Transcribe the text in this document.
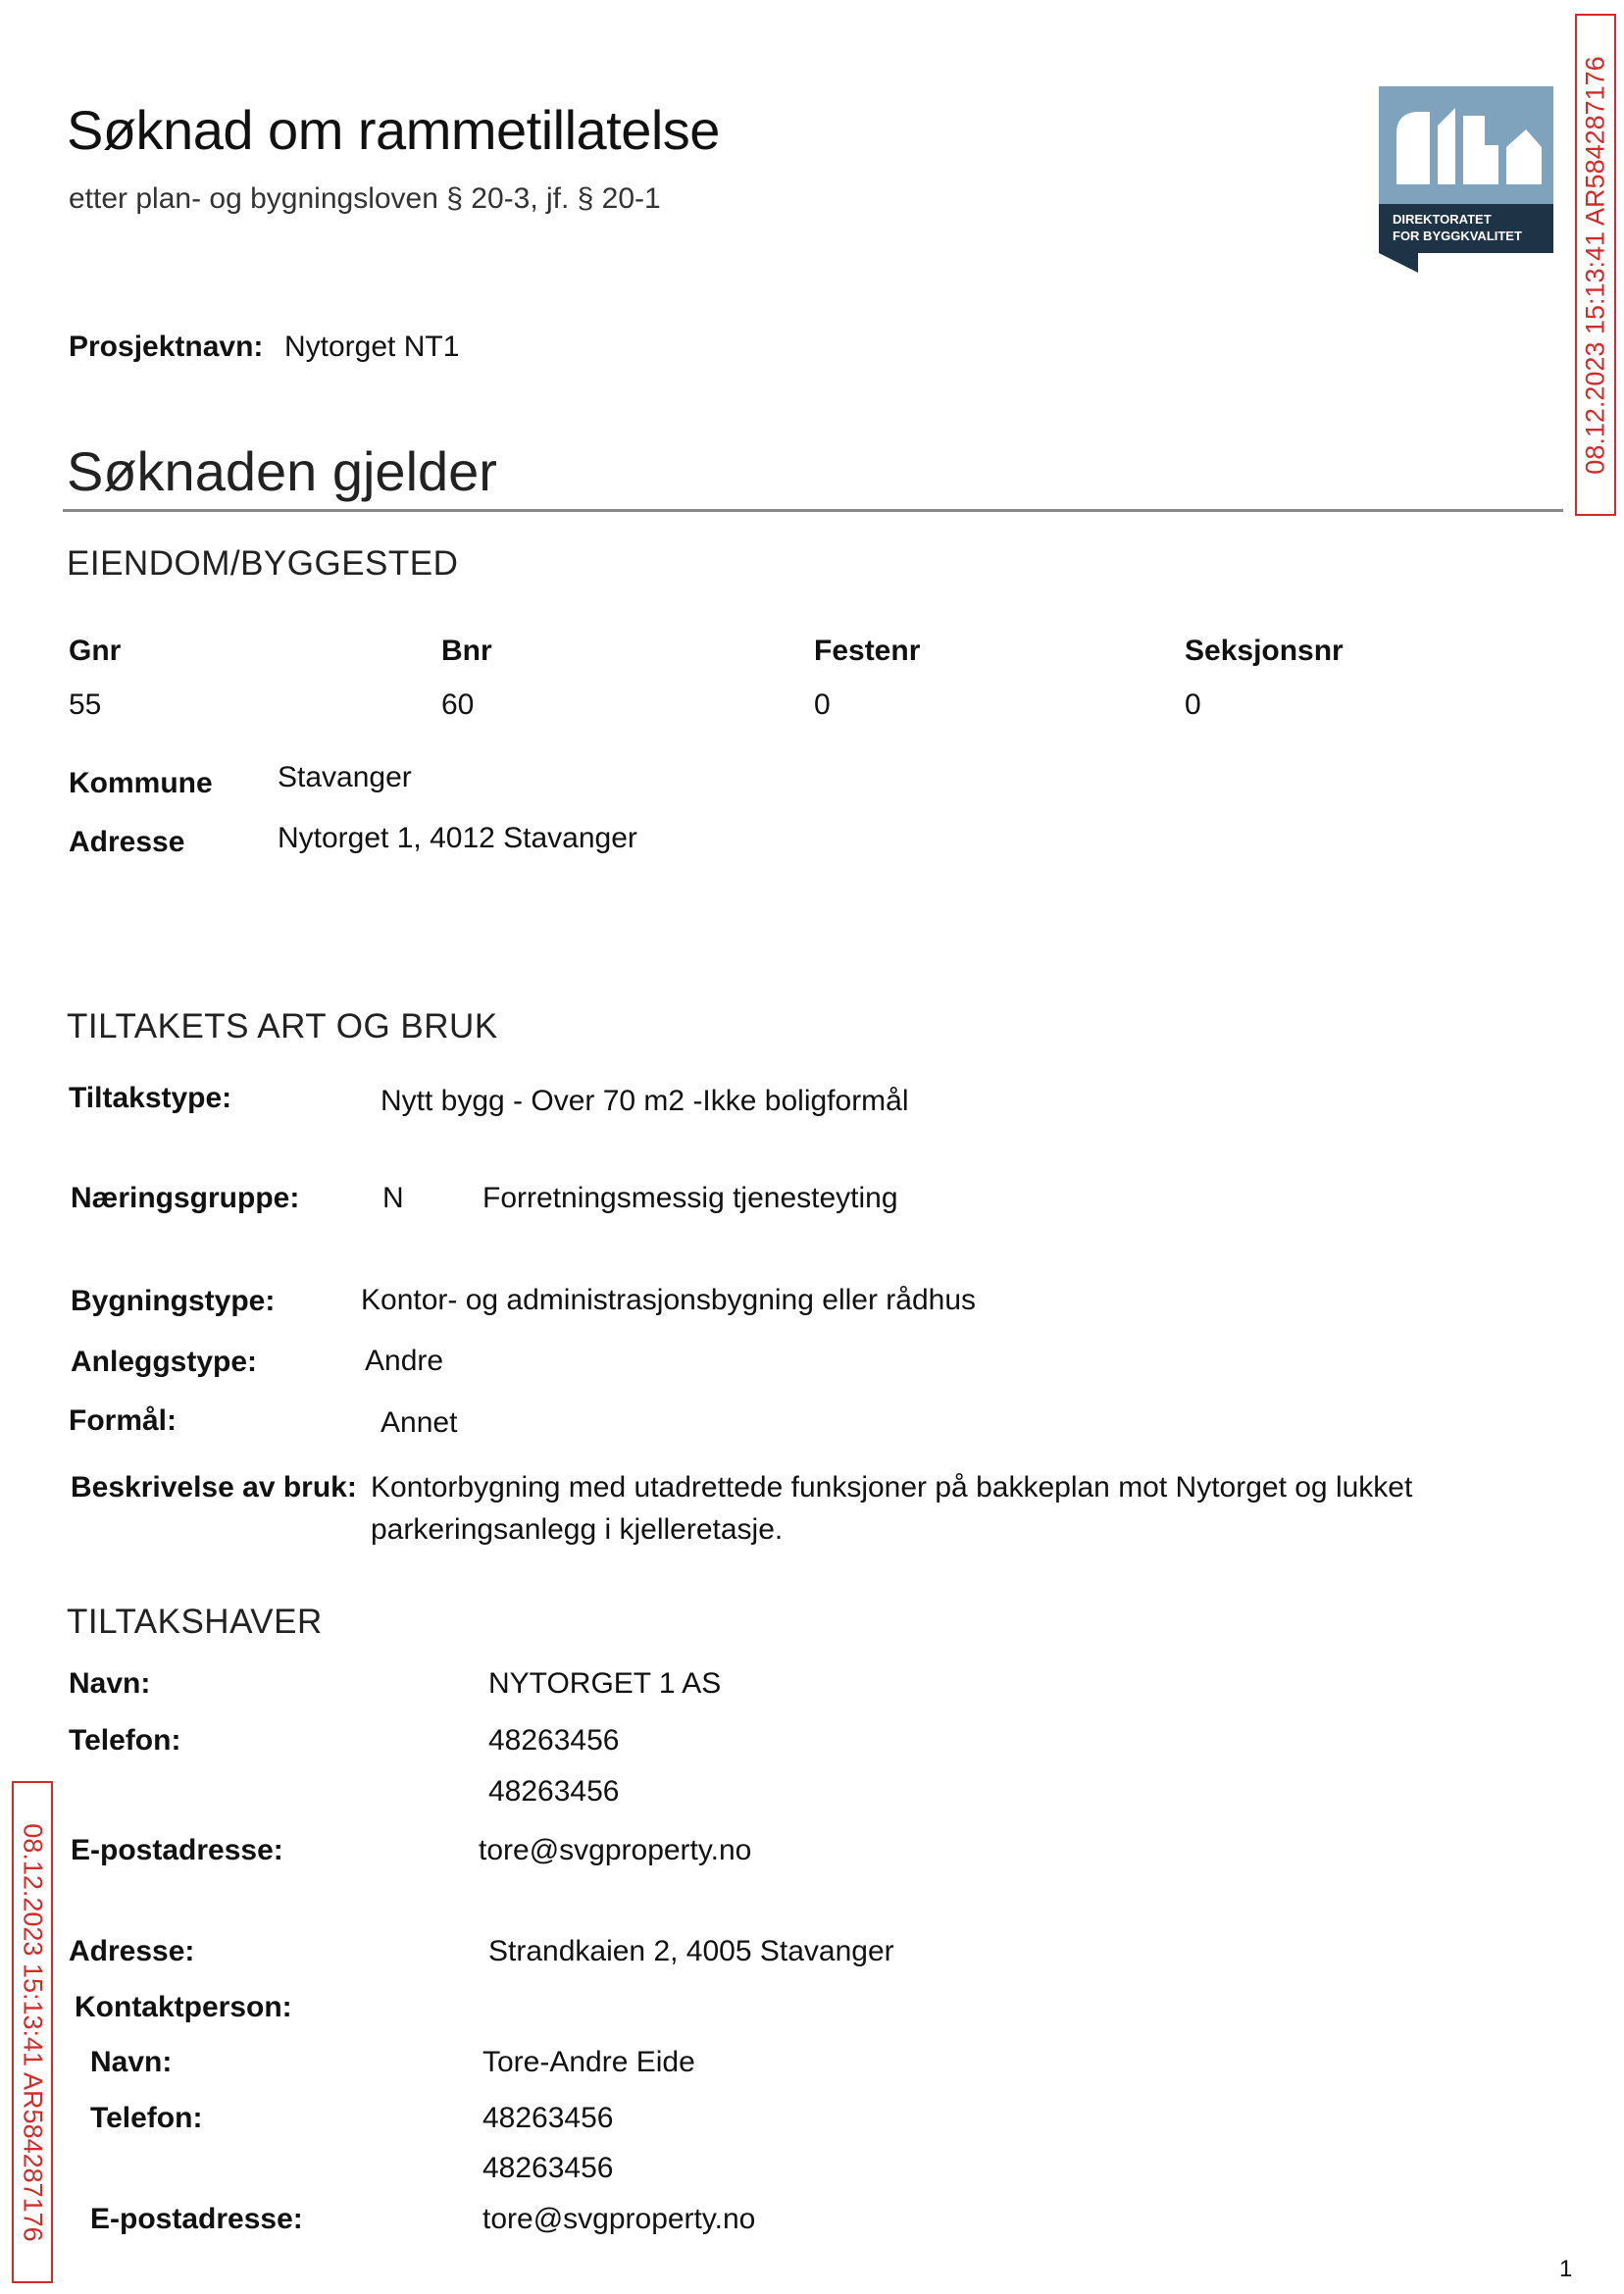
Søknad om rammetillatelse
etter plan- og bygningsloven § 20-3, jf. § 20-1
DIREKTORATET
FOR BYGGKVALITET 08.12.2023 15:13:41 AR584287176
08.12.2023 15:13:41 AR584287176
Prosjektnavn: Nytorget NT1
Søknaden gjelder
EIENDOM/BYGGESTED
Gnr	Bnr	Festenr	Seksjonsnr
55	60	0	0
Kommune Stavanger
Adresse	Nytorget 1, 4012 Stavanger
TILTAKETS ART OG BRUK
Tiltakstype:	Nytt bygg - Over 70 m2 -Ikke boligformål
Næringsgruppe:	N	Forretningsmessig tjenesteyting
Bygningstype:	Kontor- og administrasjonsbygning eller rådhus
Anleggstype:	Andre
Formål:	Annet
Beskrivelse av bruk: Kontorbygning med utadrettede funksjoner på bakkeplan mot Nytorget og lukket
parkeringsanlegg i kjelleretasje.
TILTAKSHAVER
Navn:	NYTORGET 1 AS
Telefon:	48263456
48263456
E-postadresse:	tore@svgproperty.no
Adresse:	Strandkaien 2, 4005 Stavanger
Kontaktperson:
Navn:	Tore-Andre Eide
Telefon:	48263456
48263456
E-postadresse:	tore@svgproperty.no
1
